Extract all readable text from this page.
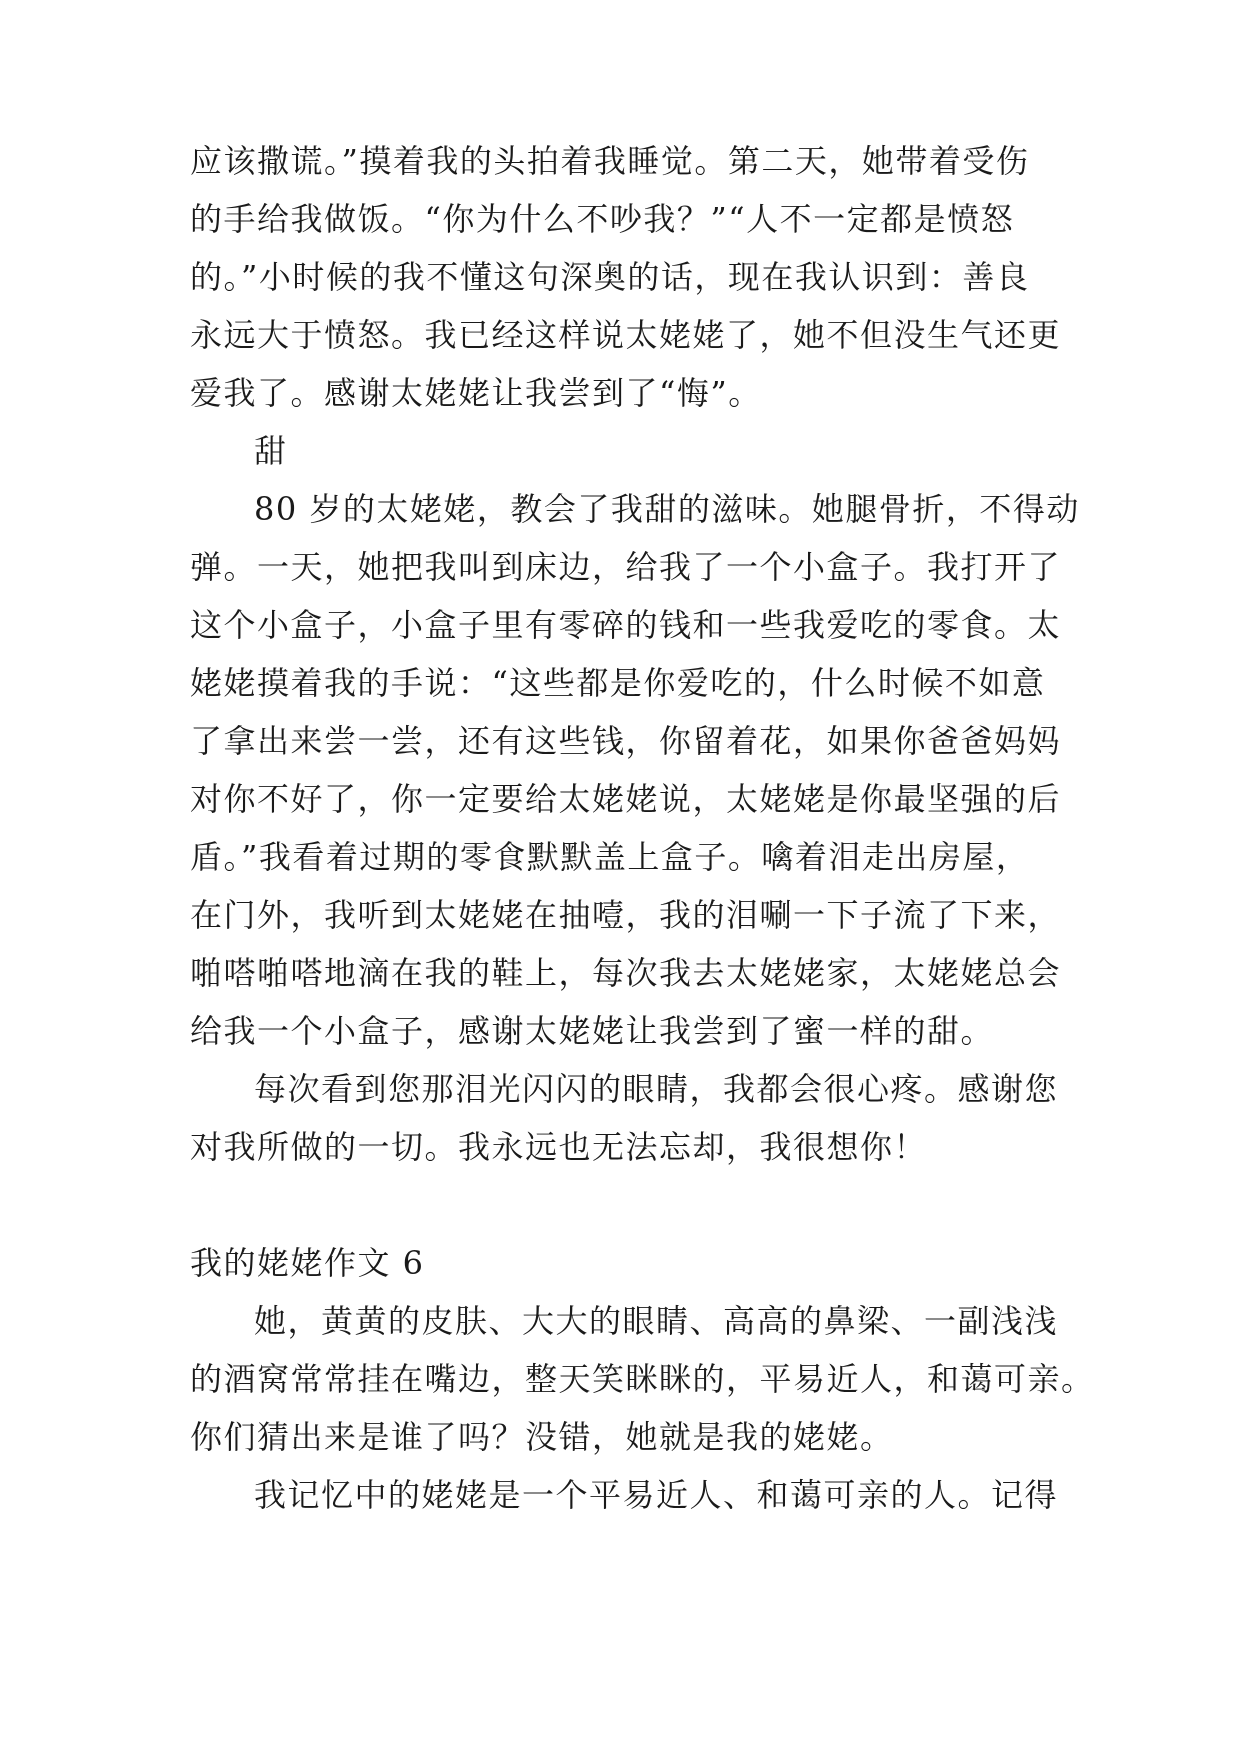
应该撒谎。”摸着我的头拍着我睡觉。第二天，她带着受伤
的手给我做饭。“你为什么不吵我？”“人不一定都是愤怒
的。”小时候的我不懂这句深奥的话，现在我认识到：善良
永远大于愤怒。我已经这样说太姥姥了，她不但没生气还更
爱我了。感谢太姥姥让我尝到了“悔”。
甜
80 岁的太姥姥，教会了我甜的滋味。她腿骨折，不得动
弹。一天，她把我叫到床边，给我了一个小盒子。我打开了
这个小盒子，小盒子里有零碎的钱和一些我爱吃的零食。太
姥姥摸着我的手说：“这些都是你爱吃的，什么时候不如意
了拿出来尝一尝，还有这些钱，你留着花，如果你爸爸妈妈
对你不好了，你一定要给太姥姥说，太姥姥是你最坚强的后
盾。”我看着过期的零食默默盖上盒子。噙着泪走出房屋，
在门外，我听到太姥姥在抽噎，我的泪唰一下子流了下来，
啪嗒啪嗒地滴在我的鞋上，每次我去太姥姥家，太姥姥总会
给我一个小盒子，感谢太姥姥让我尝到了蜜一样的甜。
每次看到您那泪光闪闪的眼睛，我都会很心疼。感谢您
对我所做的一切。我永远也无法忘却，我很想你！
我的姥姥作文 6
她，黄黄的皮肤、大大的眼睛、高高的鼻梁、一副浅浅
的酒窝常常挂在嘴边，整天笑眯眯的，平易近人，和蔼可亲。
你们猜出来是谁了吗？没错，她就是我的姥姥。
我记忆中的姥姥是一个平易近人、和蔼可亲的人。记得
